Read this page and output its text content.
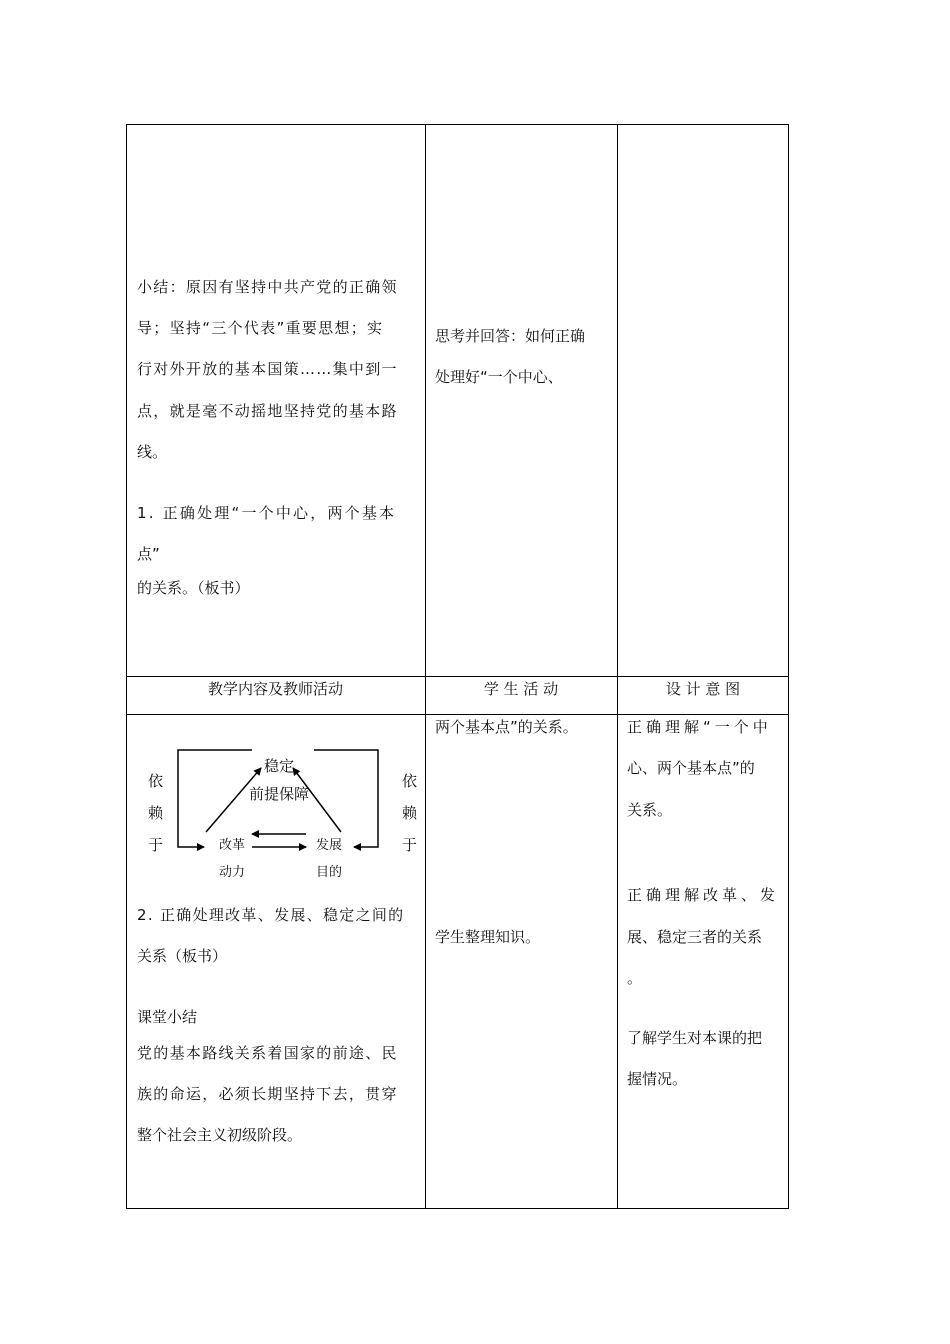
小结：原因有坚持中共产党的正确领
导；坚持“三个代表”重要思想；实
行对外开放的基本国策……集中到一
点，就是毫不动摇地坚持党的基本路
线。
1. 正确处理“一个中心，两个基本
点”
的关系。（板书）
思考并回答：如何正确
处理好“一个中心、
教学内容及教师活动	学 生 活 动	设 计 意 图
稳定
前提保障
改革
动力
发展
目的
依
赖
于
依
赖
于
2. 正确处理改革、发展、稳定之间的
关系（板书）
课堂小结
党的基本路线关系着国家的前途、民
族的命运，必须长期坚持下去，贯穿
整个社会主义初级阶段。
两个基本点”的关系。
学生整理知识。
正确理解“一个中
心、两个基本点”的
关系。
正确理解改革、发
展、稳定三者的关系
。
了解学生对本课的把
握情况。
